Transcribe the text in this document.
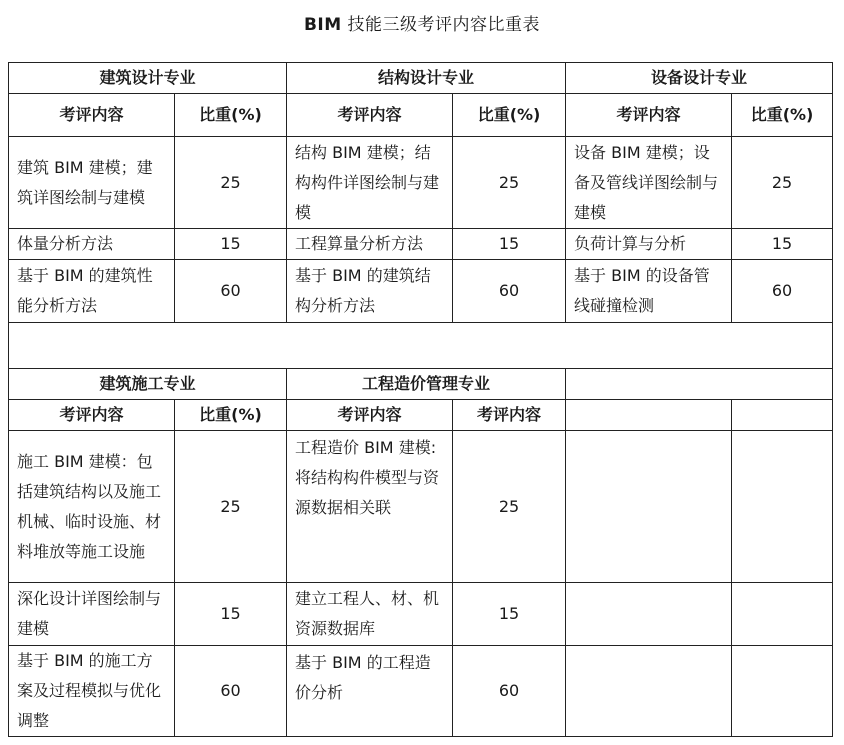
BIM 技能三级考评内容比重表
建筑设计专业		结构设计专业		设备设计专业	
考评内容	比重(%)	考评内容	比重(%)	考评内容	比重(%)
建筑 BIM 建模；建筑详图绘制与建模	25	结构 BIM 建模；结构构件详图绘制与建模	25	设备 BIM 建模；设备及管线详图绘制与建模	25
体量分析方法	15	工程算量分析方法	15	负荷计算与分析	15
基于 BIM 的建筑性能分析方法	60	基于 BIM 的建筑结构分析方法	60	基于 BIM 的设备管线碰撞检测	60

建筑施工专业		工程造价管理专业			
考评内容	比重(%)	考评内容	考评内容		
施工 BIM 建模：包括建筑结构以及施工机械、临时设施、材料堆放等施工设施	25	工程造价 BIM 建模:将结构构件模型与资源数据相关联	25		
深化设计详图绘制与建模	15	建立工程人、材、机资源数据库	15		
基于 BIM 的施工方案及过程模拟与优化调整	60	基于 BIM 的工程造价分析	60		
